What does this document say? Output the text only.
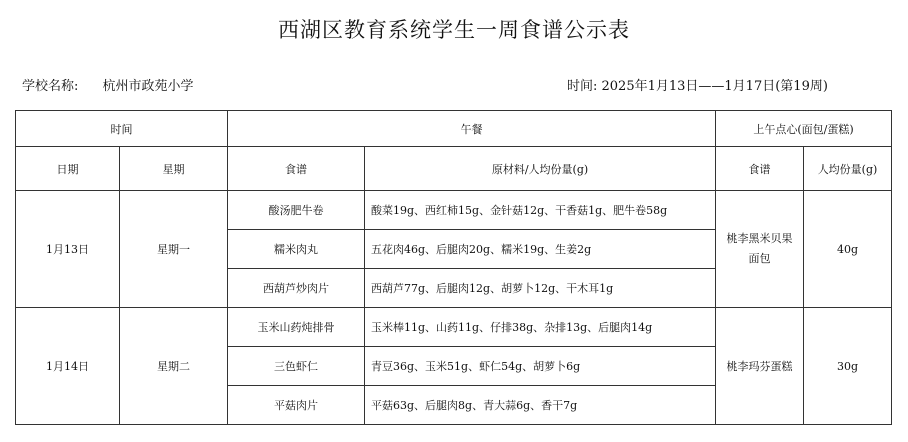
西湖区教育系统学生一周食谱公示表
学校名称: 杭州市政苑小学	时间: 2025年1月13日——1月17日(第19周)
时间		午餐		上午点心(面包/蛋糕)	
日期	星期	食谱	原材料/人均份量(g)	食谱	人均份量(g)
1月13日	星期一	酸汤肥牛卷	酸菜19g、西红柿15g、金针菇12g、干香菇1g、肥牛卷58g	桃李黑米贝果面包	40g
		糯米肉丸	五花肉46g、后腿肉20g、糯米19g、生姜2g		
		西葫芦炒肉片	西葫芦77g、后腿肉12g、胡萝卜12g、干木耳1g		
1月14日	星期二	玉米山药炖排骨	玉米棒11g、山药11g、仔排38g、杂排13g、后腿肉14g	桃李玛芬蛋糕	30g
		三色虾仁	青豆36g、玉米51g、虾仁54g、胡萝卜6g		
		平菇肉片	平菇63g、后腿肉8g、青大蒜6g、香干7g		
